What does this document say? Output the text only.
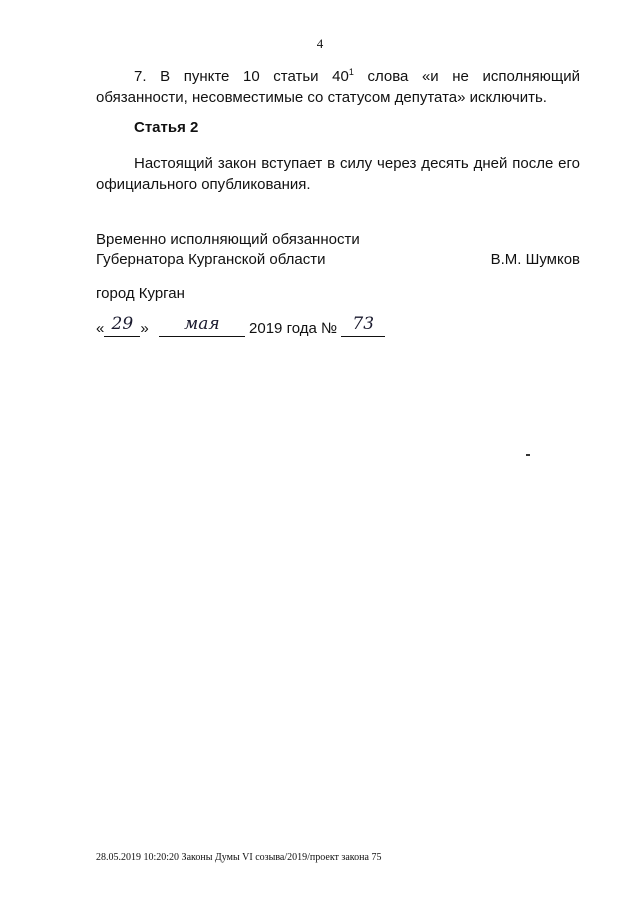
4
7. В пункте 10 статьи $40^1$ слова «и не исполняющий
обязанности, несовместимые со статусом депутата» исключить.
Статья 2
Настоящий закон вступает в силу через десять дней после его
официального опубликования.
Временно исполняющий обязанности
Губернатора Курганской области	В.М. Шумков
город Курган
« 29 » мая 2019 года № 73
28.05.2019 10:20:20 Законы Думы VI созыва/2019/проект закона 75
